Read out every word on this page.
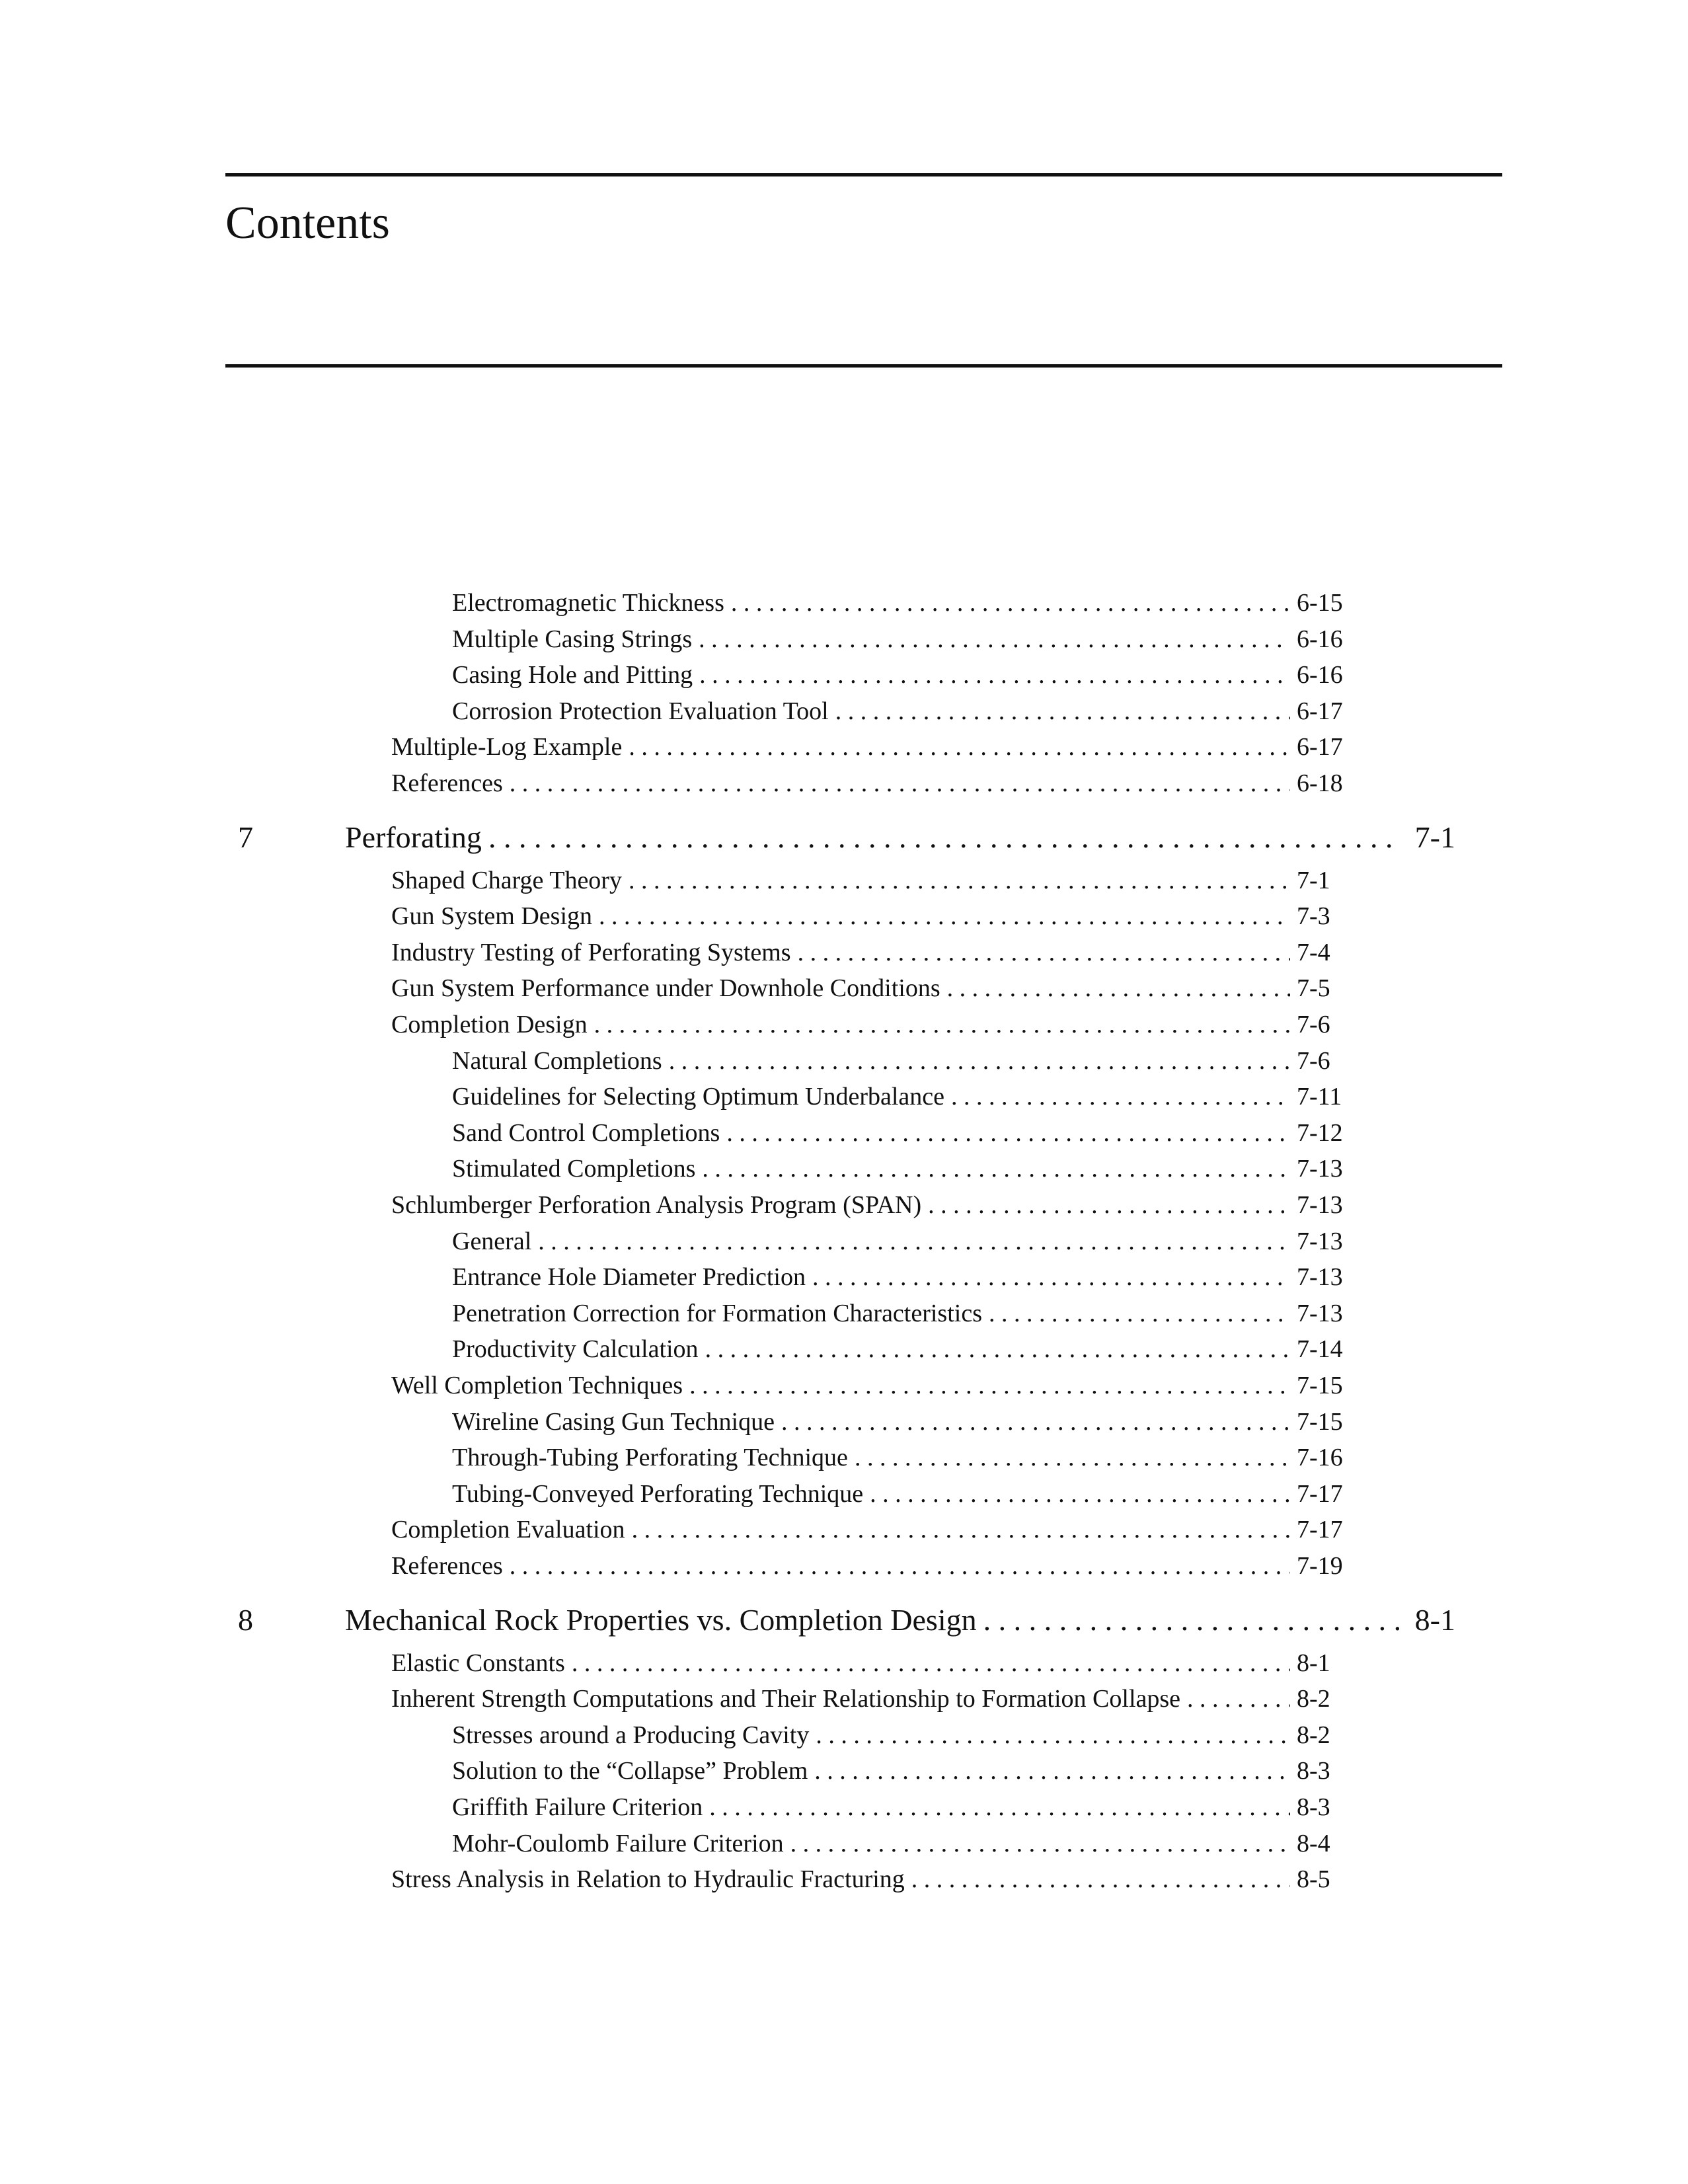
Contents
Electromagnetic Thickness . . .	6-15
Multiple Casing Strings . . .	6-16
Casing Hole and Pitting . . .	6-16
Corrosion Protection Evaluation Tool . . .	6-17
Multiple-Log Example . . .	6-17
References . . .	6-18
7	Perforating . . .	7-1
Shaped Charge Theory . . .	7-1
Gun System Design . . .	7-3
Industry Testing of Perforating Systems . . .	7-4
Gun System Performance under Downhole Conditions . . .	7-5
Completion Design . . .	7-6
Natural Completions . . .	7-6
Guidelines for Selecting Optimum Underbalance . . .	7-11
Sand Control Completions . . .	7-12
Stimulated Completions . . .	7-13
Schlumberger Perforation Analysis Program (SPAN) . . .	7-13
General . . .	7-13
Entrance Hole Diameter Prediction . . .	7-13
Penetration Correction for Formation Characteristics . . .	7-13
Productivity Calculation . . .	7-14
Well Completion Techniques . . .	7-15
Wireline Casing Gun Technique . . .	7-15
Through-Tubing Perforating Technique . . .	7-16
Tubing-Conveyed Perforating Technique . . .	7-17
Completion Evaluation . . .	7-17
References . . .	7-19
8	Mechanical Rock Properties vs. Completion Design . . .	8-1
Elastic Constants . . .	8-1
Inherent Strength Computations and Their Relationship to Formation Collapse . . .	8-2
Stresses around a Producing Cavity . . .	8-2
Solution to the “Collapse” Problem . . .	8-3
Griffith Failure Criterion . . .	8-3
Mohr-Coulomb Failure Criterion . . .	8-4
Stress Analysis in Relation to Hydraulic Fracturing . . .	8-5
